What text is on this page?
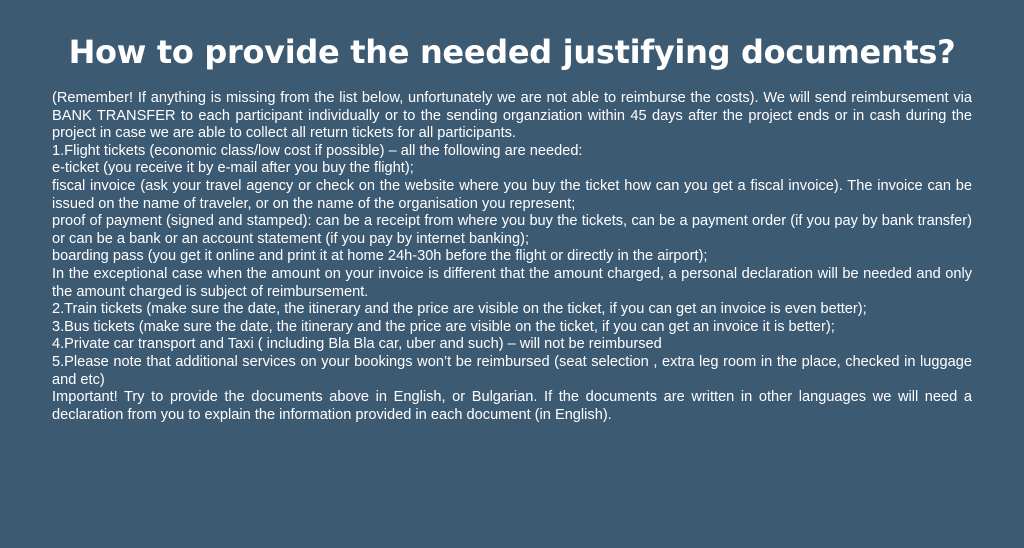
How to provide the needed justifying documents?

(Remember! If anything is missing from the list below, unfortunately we are not able to reimburse the costs). We will send reimbursement via BANK TRANSFER to each participant individually or to the sending organziation within 45 days after the project ends or in cash during the project in case we are able to collect all return tickets for all participants.

1.Flight tickets (economic class/low cost if possible) – all the following are needed:

e-ticket (you receive it by e-mail after you buy the flight);

fiscal invoice (ask your travel agency or check on the website where you buy the ticket how can you get a fiscal invoice). The invoice can be issued on the name of traveler, or on the name of the organisation you represent;

proof of payment (signed and stamped): can be a receipt from where you buy the tickets, can be a payment order (if you pay by bank transfer) or can be a bank or an account statement (if you pay by internet banking);

boarding pass (you get it online and print it at home 24h-30h before the flight or directly in the airport);

In the exceptional case when the amount on your invoice is different that the amount charged, a personal declaration will be needed and only the amount charged is subject of reimbursement.

2.Train tickets (make sure the date, the itinerary and the price are visible on the ticket, if you can get an invoice is even better);

3.Bus tickets (make sure the date, the itinerary and the price are visible on the ticket, if you can get an invoice it is better);

4.Private car transport and Taxi ( including Bla Bla car, uber and such) – will not be reimbursed

5.Please note that additional services on your bookings won’t be reimbursed (seat selection , extra leg room in the place, checked in luggage and etc)

Important! Try to provide the documents above in English, or Bulgarian. If the documents are written in other languages we will need a declaration from you to explain the information provided in each document (in English).
